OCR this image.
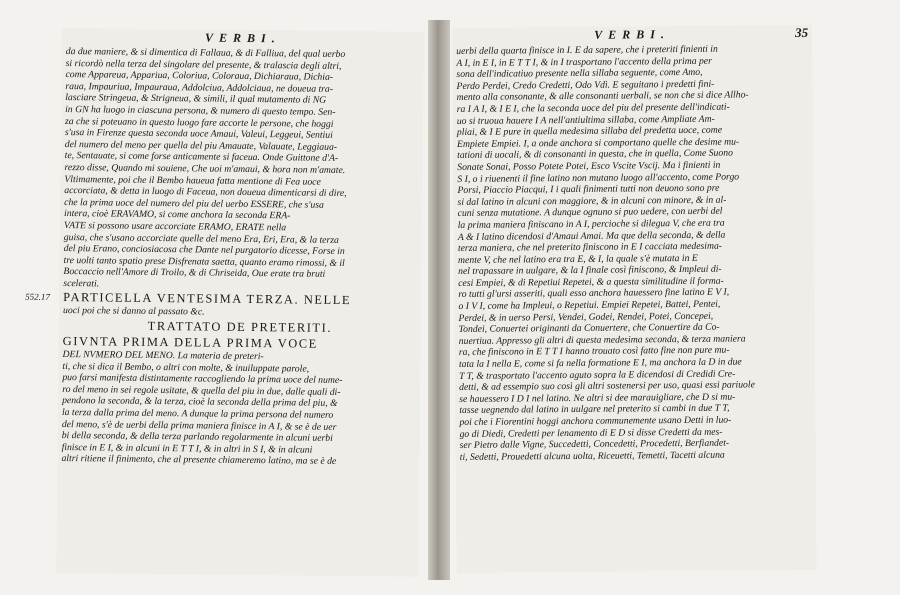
VERBI.
da due maniere, & si dimentica di Fallaua, & di Falliua, del qual uerbo
si ricordò nella terza del singolare del presente, & tralascia degli altri,
come Appareua, Appariua, Coloriua, Coloraua, Dichiaraua, Dichia-
raua, Impauriua, Impauraua, Addolciua, Addolciaua, ne doueua tra-
lasciare Stringeua, & Strigneua, & simili, il qual mutamento di NG
in GN ha luogo in ciascuna persona, & numero di questo tempo. Sen-
za che si poteuano in questo luogo fare accorte le persone, che hoggi
s'usa in Firenze questa seconda uoce Amaui, Valeui, Leggeui, Sentiui
del numero del meno per quella del piu Amauate, Valauate, Leggiaua-
te, Sentauate, si come forse anticamente si faceua. Onde Guittone d'A-
rezzo disse, Quando mi souiene, Che uoi m'amaui, & hora non m'amate.
Vltimamente, poi che il Bembo haueua fatta mentione di Fea uoce
accorciata, & detta in luogo di Faceua, non doueua dimenticarsi di dire,
che la prima uoce del numero del piu del uerbo ESSERE, che s'usa
intera, cioè ERAVAMO, si come anchora la seconda ERA-
VATE si possono usare accorciate ERAMO, ERATE nella
guisa, che s'usano accorciate quelle del meno Era, Eri, Era, & la terza
del piu Erano, conciosiacosa che Dante nel purgatorio dicesse, Forse in
tre uolti tanto spatio prese Disfrenata saetta, quanto eramo rimossi, & il
Boccaccio nell'Amore di Troilo, & di Chriseida, Oue erate tra bruti
scelerati.
552.17 PARTICELLA VENTESIMA TERZA. NELLE
uoci poi che si danno al passato &c.
TRATTATO DE PRETERITI.
GIVNTA PRIMA DELLA PRIMA VOCE
DEL NVMERO DEL MENO. La materia de preteri-
ti, che si dica il Bembo, o altri con molte, & inuiluppate parole,
puo farsi manifesta distintamente raccogliendo la prima uoce del nume-
ro del meno in sei regole usitate, & quella del piu in due, dalle quali di-
pendono la seconda, & la terza, cioè la seconda della prima del piu, &
la terza dalla prima del meno. A dunque la prima persona del numero
del meno, s'è de uerbi della prima maniera finisce in A I, & se è de uer
bi della seconda, & della terza parlando regolarmente in alcuni uerbi
finisce in E I, & in alcuni in E T T I, & in altri in S I, & in alcuni
altri ritiene il finimento, che al presente chiameremo latino, ma se è de
VERBI.	35
uerbi della quarta finisce in I. E da sapere, che i preteriti finienti in
A I, in E I, in E T T I, & in I trasportano l'accento della prima per
sona dell'indicatiuo presente nella sillaba seguente, come Amo,
Perdo Perdei, Credo Credetti, Odo Vdì. E seguitano i predetti fini-
mento alla consonante, & alle consonanti uerbali, se non che si dice Allho-
ra I A I, & I E I, che la seconda uoce del piu del presente dell'indicati-
uo si truoua hauere I A nell'antiultima sillaba, come Ampliate Am-
pliai, & I E pure in quella medesima sillaba del predetta uoce, come
Empiete Empiei. I, a onde anchora si comportano quelle che desime mu-
tationi di uocali, & di consonanti in questa, che in quella, Come Suono
Sonate Sonai, Posso Potete Potei, Esco Vscite Vscij. Ma i finienti in
S I, o i riuenenti il fine latino non mutano luogo all'accento, come Porgo
Porsi, Piaccio Piacqui, I i quali finimenti tutti non deuono sono pre
si dal latino in alcuni con maggiore, & in alcuni con minore, & in al-
cuni senza mutatione. A dunque ognuno si puo uedere, con uerbi del
la prima maniera finiscano in A I, percioche si dilegua V, che era tra
A & I latino dicendosi d'Amaui Amai. Ma que della seconda, & della
terza maniera, che nel preterito finiscono in E I cacciata medesima-
mente V, che nel latino era tra E, & I, la quale s'è mutata in E
nel trapassare in uulgare, & la I finale così finiscono, & Impleui di-
cesi Empiei, & di Repetiui Repetei, & a questa similitudine il forma-
ro tutti gl'ursi asseriti, quali esso anchora hauessero fine latino E V I,
o I V I, come ha Impleui, o Repetiui. Empiei Repetei, Battei, Pentei,
Perdei, & in uerso Persi, Vendei, Godei, Rendei, Potei, Concepei,
Tondei, Conuertei originanti da Conuertere, che Conuertire da Co-
nuertiua. Appresso gli altri di questa medesima seconda, & terza maniera
ra, che finiscono in E T T I hanno trouato così fatto fine non pure mu-
tata la I nella E, come si fa nella formatione E I, ma anchora la D in due
T T, & trasportato l'accento aguto sopra la E dicendosi di Credidi Cre-
detti, & ad essempio suo così gli altri sostenersi per uso, quasi essi pariuole
se hauessero I D I nel latino. Ne altri si dee marauigliare, che D si mu-
tasse uegnendo dal latino in uulgare nel preterito si cambi in due T T,
poi che i Fiorentini hoggi anchora communemente usano Detti in luo-
go di Diedi, Credetti per lenamento di E D si disse Credetti da mes-
ser Pietro dalle Vigne, Succedetti, Concedetti, Procedetti, Berfiandet-
ti, Sedetti, Prouedetti alcuna uolta, Riceuetti, Temetti, Tacetti alcuna
